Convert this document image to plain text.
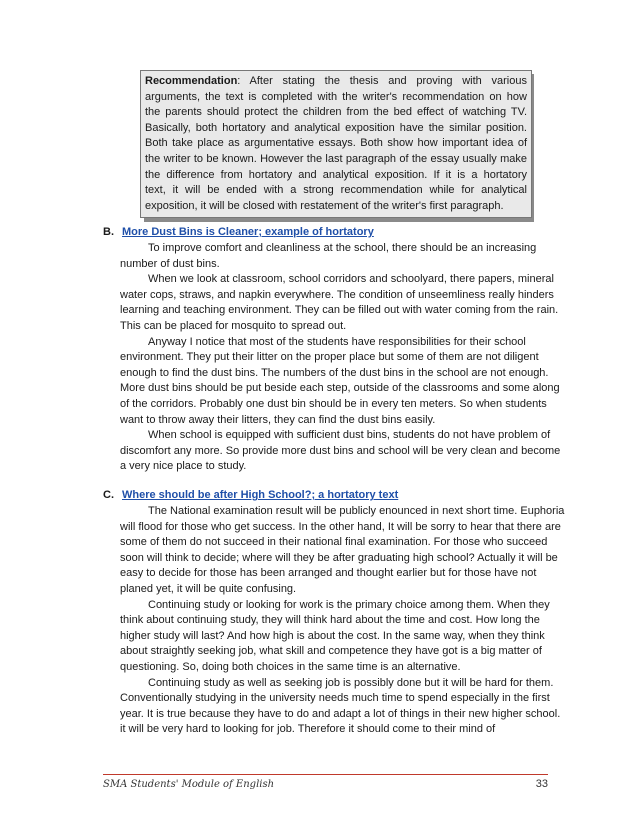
Recommendation: After stating the thesis and proving with various
arguments, the text is completed with the writer's recommendation on how
the parents should protect the children from the bed effect of watching TV.
Basically, both hortatory and analytical exposition have the similar position.
Both take place as argumentative essays. Both show how important idea of
the writer to be known. However the last paragraph of the essay usually make
the difference from hortatory and analytical exposition. If it is a hortatory
text, it will be ended with a strong recommendation while for analytical
exposition, it will be closed with restatement of the writer's first paragraph.
B. More Dust Bins is Cleaner; example of hortatory

To improve comfort and cleanliness at the school, there should be an increasing number of dust bins.

When we look at classroom, school corridors and schoolyard, there papers, mineral water cops, straws, and napkin everywhere. The condition of unseemliness really hinders learning and teaching environment. They can be filled out with water coming from the rain. This can be placed for mosquito to spread out.

Anyway I notice that most of the students have responsibilities for their school environment. They put their litter on the proper place but some of them are not diligent enough to find the dust bins. The numbers of the dust bins in the school are not enough. More dust bins should be put beside each step, outside of the classrooms and some along of the corridors. Probably one dust bin should be in every ten meters. So when students want to throw away their litters, they can find the dust bins easily.

When school is equipped with sufficient dust bins, students do not have problem of discomfort any more. So provide more dust bins and school will be very clean and become a very nice place to study.

C. Where should be after High School?; a hortatory text

The National examination result will be publicly enounced in next short time. Euphoria will flood for those who get success. In the other hand, It will be sorry to hear that there are some of them do not succeed in their national final examination. For those who succeed soon will think to decide; where will they be after graduating high school? Actually it will be easy to decide for those has been arranged and thought earlier but for those have not planed yet, it will be quite confusing.

Continuing study or looking for work is the primary choice among them. When they think about continuing study, they will think hard about the time and cost. How long the higher study will last? And how high is about the cost. In the same way, when they think about straightly seeking job, what skill and competence they have got is a big matter of questioning. So, doing both choices in the same time is an alternative.

Continuing study as well as seeking job is possibly done but it will be hard for them. Conventionally studying in the university needs much time to spend especially in the first year. It is true because they have to do and adapt a lot of things in their new higher school. it will be very hard to looking for job. Therefore it should come to their mind of

SMA Students' Module of English	33
